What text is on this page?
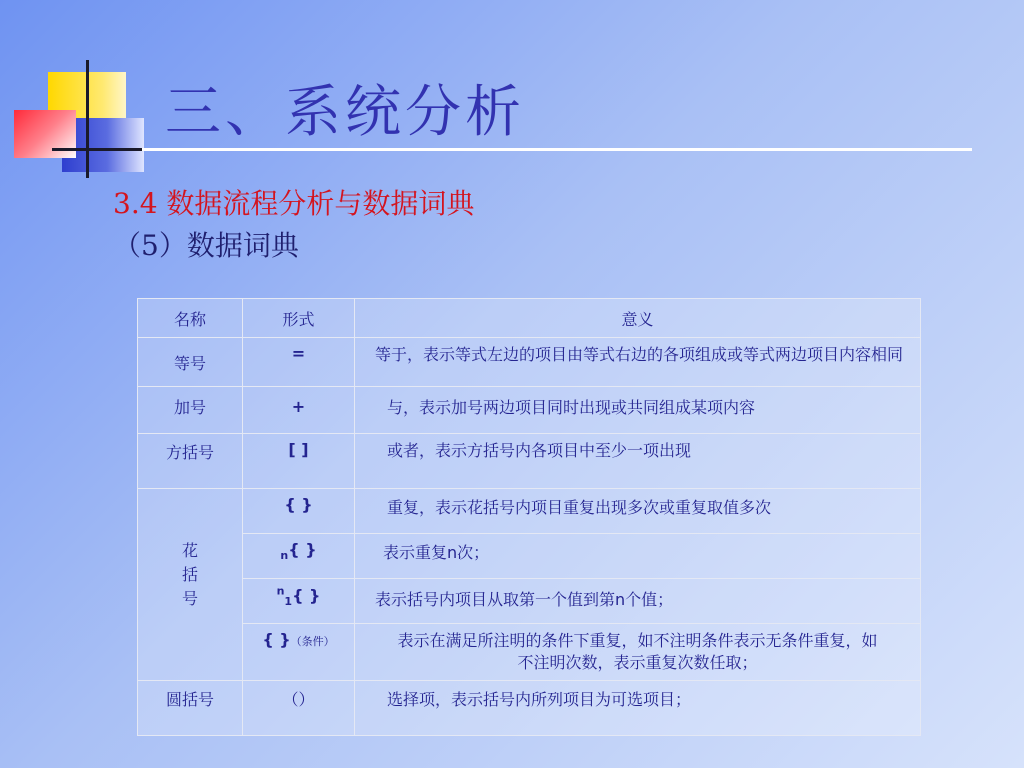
三、系统分析
3.4 数据流程分析与数据词典
（5）数据词典
名称	形式	意义
等号	=	等于，表示等式左边的项目由等式右边的各项组成或等式两边项目内容相同
加号	+	与，表示加号两边项目同时出现或共同组成某项内容
方括号	[ ]	或者，表示方括号内各项目中至少一项出现
花
括
号	{ }	重复，表示花括号内项目重复出现多次或重复取值多次
	$_n${ }	表示重复n次；
	$^n_1${ }	表示括号内项目从取第一个值到第n个值；
	{ }（条件）	表示在满足所注明的条件下重复，如不注明条件表示无条件重复，如不注明次数，表示重复次数任取；
圆括号	（）	选择项，表示括号内所列项目为可选项目；
